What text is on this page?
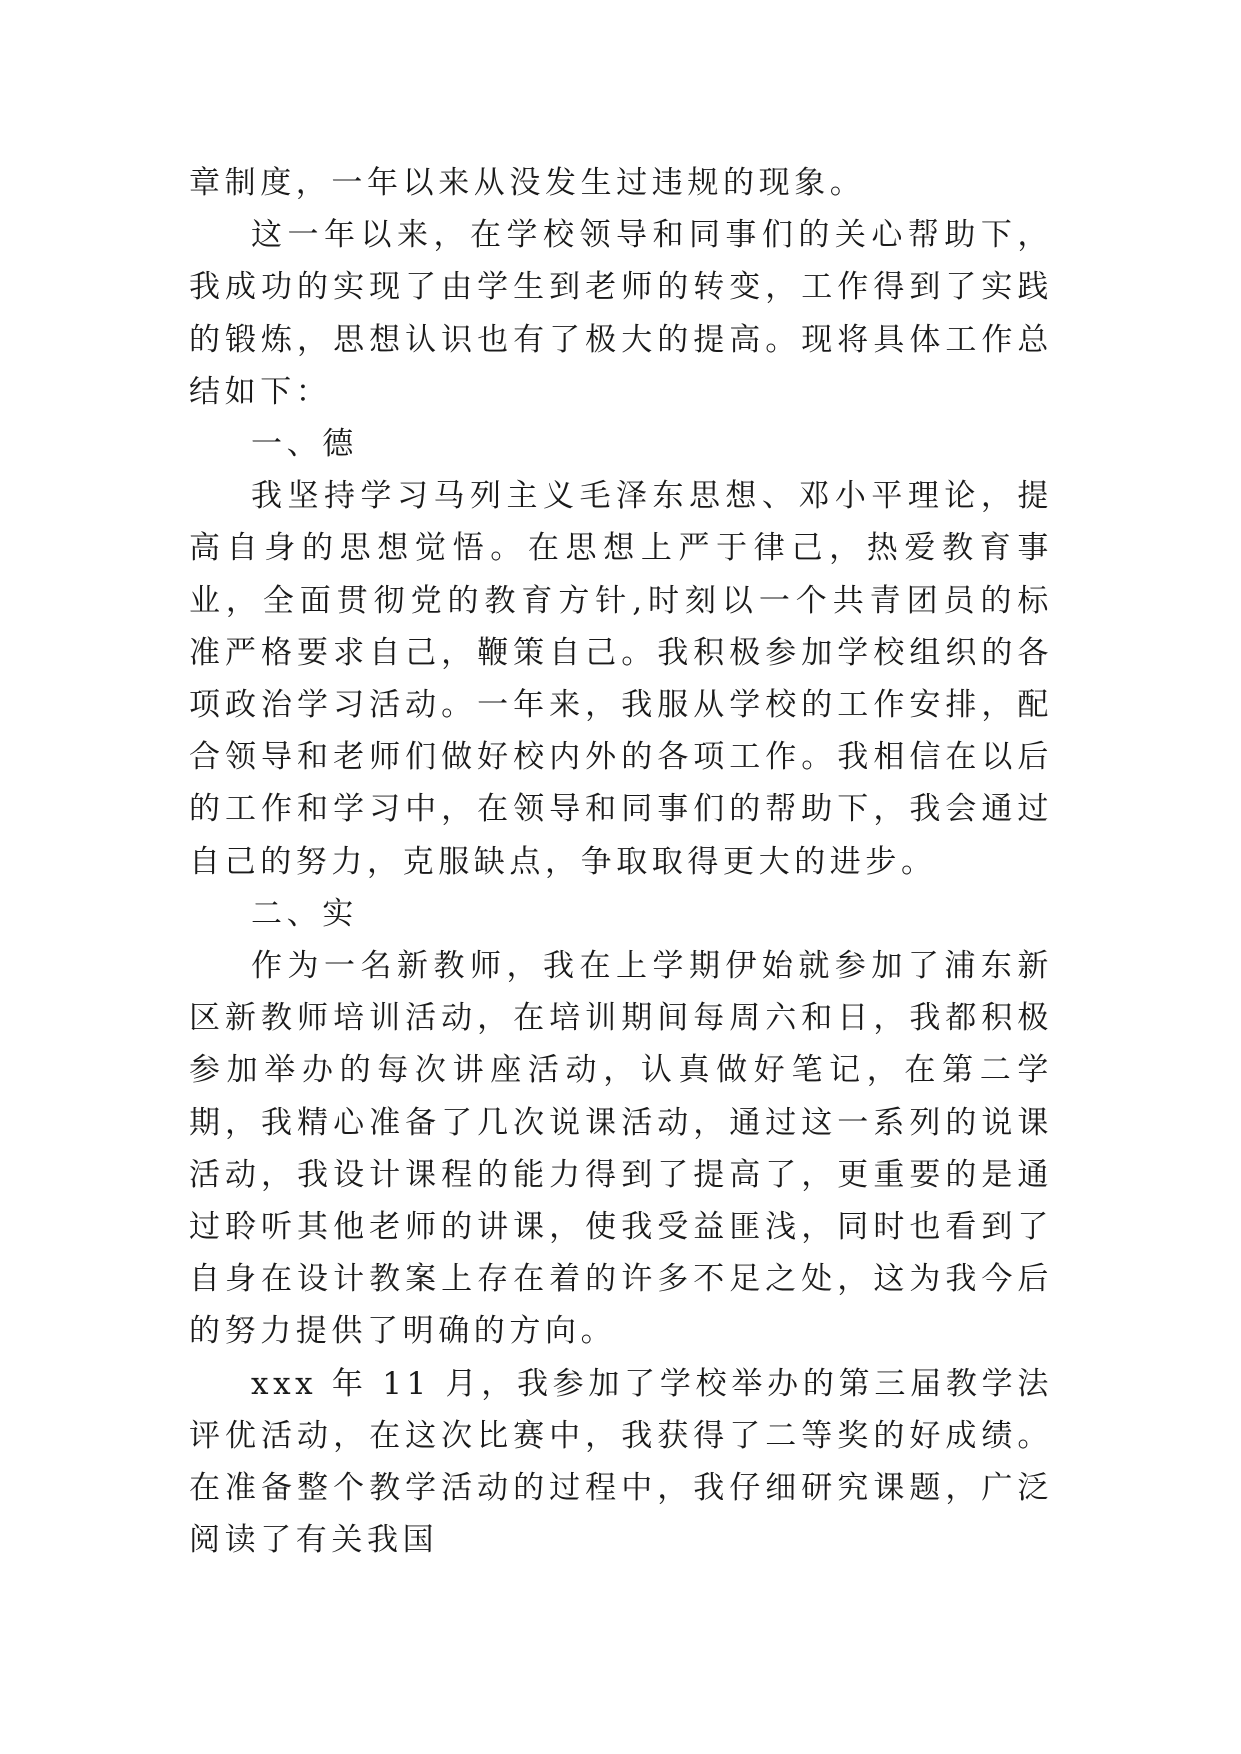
章制度，一年以来从没发生过违规的现象。

这一年以来，在学校领导和同事们的关心帮助下，我成功的实现了由学生到老师的转变，工作得到了实践的锻炼，思想认识也有了极大的提高。现将具体工作总结如下：

一、德

我坚持学习马列主义毛泽东思想、邓小平理论，提高自身的思想觉悟。在思想上严于律己，热爱教育事业，全面贯彻党的教育方针,时刻以一个共青团员的标准严格要求自己，鞭策自己。我积极参加学校组织的各项政治学习活动。一年来，我服从学校的工作安排，配合领导和老师们做好校内外的各项工作。我相信在以后的工作和学习中，在领导和同事们的帮助下，我会通过自己的努力，克服缺点，争取取得更大的进步。

二、实

作为一名新教师，我在上学期伊始就参加了浦东新区新教师培训活动，在培训期间每周六和日，我都积极参加举办的每次讲座活动，认真做好笔记，在第二学期，我精心准备了几次说课活动，通过这一系列的说课活动，我设计课程的能力得到了提高了，更重要的是通过聆听其他老师的讲课，使我受益匪浅，同时也看到了自身在设计教案上存在着的许多不足之处，这为我今后的努力提供了明确的方向。

xxx 年 11 月，我参加了学校举办的第三届教学法评优活动，在这次比赛中，我获得了二等奖的好成绩。在准备整个教学活动的过程中，我仔细研究课题，广泛阅读了有关我国
